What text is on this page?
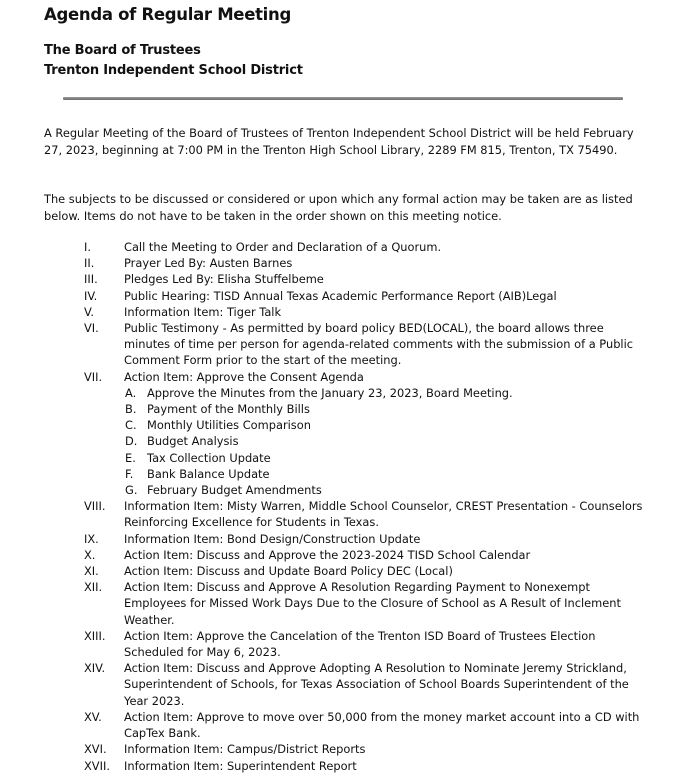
Agenda of Regular Meeting
The Board of Trustees
Trenton Independent School District
A Regular Meeting of the Board of Trustees of Trenton Independent School District will be held February 27, 2023, beginning at 7:00 PM in the Trenton High School Library, 2289 FM 815, Trenton, TX 75490.
The subjects to be discussed or considered or upon which any formal action may be taken are as listed below. Items do not have to be taken in the order shown on this meeting notice.
I.	Call the Meeting to Order and Declaration of a Quorum.
II.	Prayer Led By: Austen Barnes
III. Pledges Led By: Elisha Stuffelbeme
IV. Public Hearing: TISD Annual Texas Academic Performance Report (AIB)Legal
V.	Information Item: Tiger Talk
VI. Public Testimony - As permitted by board policy BED(LOCAL), the board allows three minutes of time per person for agenda-related comments with the submission of a Public Comment Form prior to the start of the meeting.
VII. Action Item: Approve the Consent Agenda
A. Approve the Minutes from the January 23, 2023, Board Meeting.
B. Payment of the Monthly Bills
C. Monthly Utilities Comparison
D. Budget Analysis
E. Tax Collection Update
F. Bank Balance Update
G. February Budget Amendments
VIII. Information Item: Misty Warren, Middle School Counselor, CREST Presentation - Counselors Reinforcing Excellence for Students in Texas.
IX. Information Item: Bond Design/Construction Update
X.	Action Item: Discuss and Approve the 2023-2024 TISD School Calendar
XI. Action Item: Discuss and Update Board Policy DEC (Local)
XII. Action Item: Discuss and Approve A Resolution Regarding Payment to Nonexempt Employees for Missed Work Days Due to the Closure of School as A Result of Inclement Weather.
XIII. Action Item: Approve the Cancelation of the Trenton ISD Board of Trustees Election Scheduled for May 6, 2023.
XIV. Action Item: Discuss and Approve Adopting A Resolution to Nominate Jeremy Strickland, Superintendent of Schools, for Texas Association of School Boards Superintendent of the Year 2023.
XV. Action Item: Approve to move over 50,000 from the money market account into a CD with CapTex Bank.
XVI. Information Item: Campus/District Reports
XVII. Information Item: Superintendent Report
